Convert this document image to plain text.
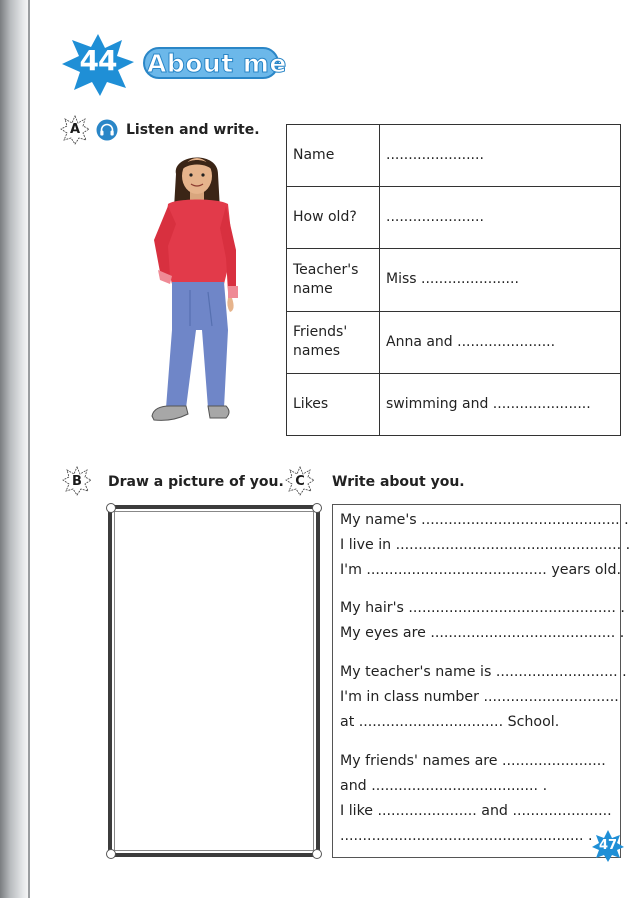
44	About me
A	Listen and write.
Name	......................
How old?	......................
Teacher's name	Miss ......................
Friends' names	Anna and ......................
Likes	swimming and ......................
B	Draw a picture of you. C	Write about you.
My name's ............................................ .
I live in .................................................. .
I'm ........................................ years old.
My hair's .............................................. .
My eyes are ......................................... .
My teacher's name is ........................... .
I'm in class number ..............................
at ................................ School.
My friends' names are .......................
and ..................................... .
I like ...................... and ......................
...................................................... .
47
